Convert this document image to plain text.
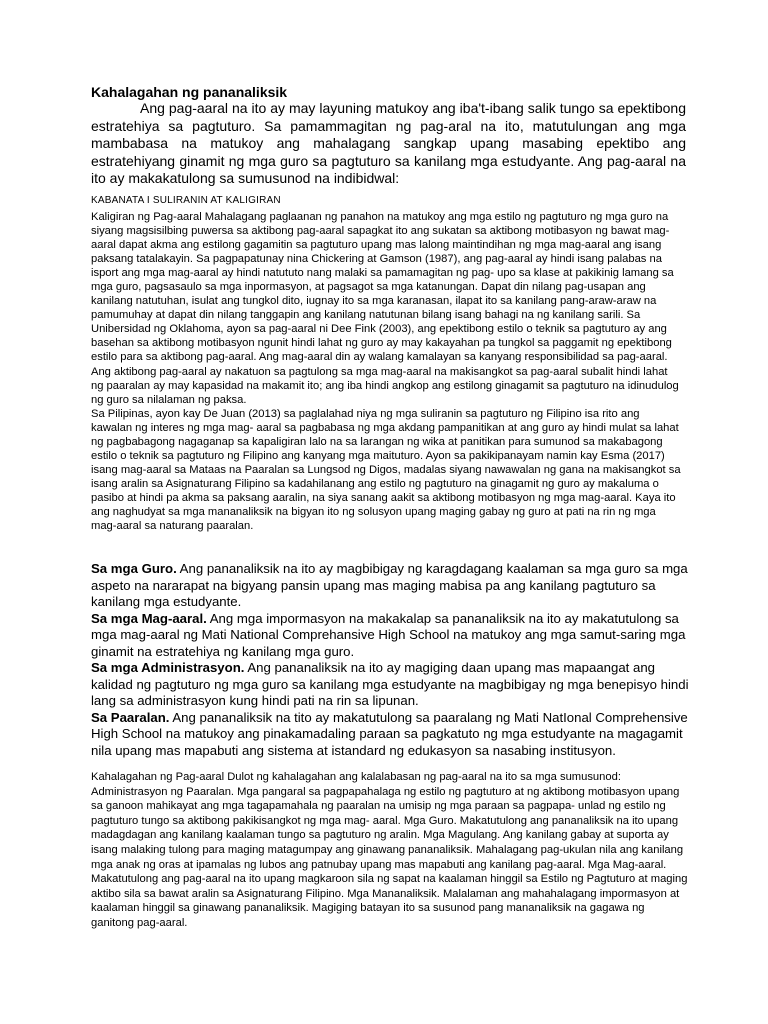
Kahalagahan ng pananaliksik

Ang pag-aaral na ito ay may layuning matukoy ang iba't-ibang salik tungo sa epektibong estratehiya sa pagtuturo. Sa pamammagitan ng pag-aral na ito, matutulungan ang mga mambabasa na matukoy ang mahalagang sangkap upang masabing epektibo ang estratehiyang ginamit ng mga guro sa pagtuturo sa kanilang mga estudyante. Ang pag-aaral na ito ay makakatulong sa sumusunod na indibidwal:

KABANATA I SULIRANIN AT KALIGIRAN

Kaligiran ng Pag-aaral Mahalagang paglaanan ng panahon na matukoy ang mga estilo ng pagtuturo ng mga guro na siyang magsisilbing puwersa sa aktibong pag-aaral sapagkat ito ang sukatan sa aktibong motibasyon ng bawat mag-aaral dapat akma ang estilong gagamitin sa pagtuturo upang mas lalong maintindihan ng mga mag-aaral ang isang paksang tatalakayin. Sa pagpapatunay nina Chickering at Gamson (1987), ang pag-aaral ay hindi isang palabas na isport ang mga mag-aaral ay hindi natututo nang malaki sa pamamagitan ng pag- upo sa klase at pakikinig lamang sa mga guro, pagsasaulo sa mga inpormasyon, at pagsagot sa mga katanungan. Dapat din nilang pag-usapan ang kanilang natutuhan, isulat ang tungkol dito, iugnay ito sa mga karanasan, ilapat ito sa kanilang pang-araw-araw na pamumuhay at dapat din nilang tanggapin ang kanilang natutunan bilang isang bahagi na ng kanilang sarili. Sa Unibersidad ng Oklahoma, ayon sa pag-aaral ni Dee Fink (2003), ang epektibong estilo o teknik sa pagtuturo ay ang basehan sa aktibong motibasyon ngunit hindi lahat ng guro ay may kakayahan pa tungkol sa paggamit ng epektibong estilo para sa aktibong pag-aaral. Ang mag-aaral din ay walang kamalayan sa kanyang responsibilidad sa pag-aaral. Ang aktibong pag-aaral ay nakatuon sa pagtulong sa mga mag-aaral na makisangkot sa pag-aaral subalit hindi lahat ng paaralan ay may kapasidad na makamit ito; ang iba hindi angkop ang estilong ginagamit sa pagtuturo na idinudulog ng guro sa nilalaman ng paksa.

Sa Pilipinas, ayon kay De Juan (2013) sa paglalahad niya ng mga suliranin sa pagtuturo ng Filipino isa rito ang kawalan ng interes ng mga mag- aaral sa pagbabasa ng mga akdang pampanitikan at ang guro ay hindi mulat sa lahat ng pagbabagong nagaganap sa kapaligiran lalo na sa larangan ng wika at panitikan para sumunod sa makabagong estilo o teknik sa pagtuturo ng Filipino ang kanyang mga maituturo. Ayon sa pakikipanayam namin kay Esma (2017) isang mag-aaral sa Mataas na Paaralan sa Lungsod ng Digos, madalas siyang nawawalan ng gana na makisangkot sa isang aralin sa Asignaturang Filipino sa kadahilanang ang estilo ng pagtuturo na ginagamit ng guro ay makaluma o pasibo at hindi pa akma sa paksang aaralin, na siya sanang aakit sa aktibong motibasyon ng mga mag-aaral. Kaya ito ang naghudyat sa mga mananaliksik na bigyan ito ng solusyon upang maging gabay ng guro at pati na rin ng mga mag-aaral sa naturang paaralan.

Sa mga Guro. Ang pananaliksik na ito ay magbibigay ng karagdagang kaalaman sa mga guro sa mga aspeto na nararapat na bigyang pansin upang mas maging mabisa pa ang kanilang pagtuturo sa kanilang mga estudyante.

Sa mga Mag-aaral. Ang mga impormasyon na makakalap sa pananaliksik na ito ay makatutulong sa mga mag-aaral ng Mati National Comprehansive High School na matukoy ang mga samut-saring mga ginamit na estratehiya ng kanilang mga guro.

Sa mga Administrasyon. Ang pananaliksik na ito ay magiging daan upang mas mapaangat ang kalidad ng pagtuturo ng mga guro sa kanilang mga estudyante na magbibigay ng mga benepisyo hindi lang sa administrasyon kung hindi pati na rin sa lipunan.

Sa Paaralan. Ang pananaliksik na tito ay makatutulong sa paaralang ng Mati NatIonal Comprehensive High School na matukoy ang pinakamadaling paraan sa pagkatuto ng mga estudyante na magagamit nila upang mas mapabuti ang sistema at istandard ng edukasyon sa nasabing institusyon.

Kahalagahan ng Pag-aaral Dulot ng kahalagahan ang kalalabasan ng pag-aaral na ito sa mga sumusunod: Administrasyon ng Paaralan. Mga pangaral sa pagpapahalaga ng estilo ng pagtuturo at ng aktibong motibasyon upang sa ganoon mahikayat ang mga tagapamahala ng paaralan na umisip ng mga paraan sa pagpapa- unlad ng estilo ng pagtuturo tungo sa aktibong pakikisangkot ng mga mag- aaral. Mga Guro. Makatutulong ang pananaliksik na ito upang madagdagan ang kanilang kaalaman tungo sa pagtuturo ng aralin. Mga Magulang. Ang kanilang gabay at suporta ay isang malaking tulong para maging matagumpay ang ginawang pananaliksik. Mahalagang pag-ukulan nila ang kanilang mga anak ng oras at ipamalas ng lubos ang patnubay upang mas mapabuti ang kanilang pag-aaral. Mga Mag-aaral. Makatutulong ang pag-aaral na ito upang magkaroon sila ng sapat na kaalaman hinggil sa Estilo ng Pagtuturo at maging aktibo sila sa bawat aralin sa Asignaturang Filipino. Mga Mananaliksik. Malalaman ang mahahalagang impormasyon at kaalaman hinggil sa ginawang pananaliksik. Magiging batayan ito sa susunod pang mananaliksik na gagawa ng ganitong pag-aaral.
